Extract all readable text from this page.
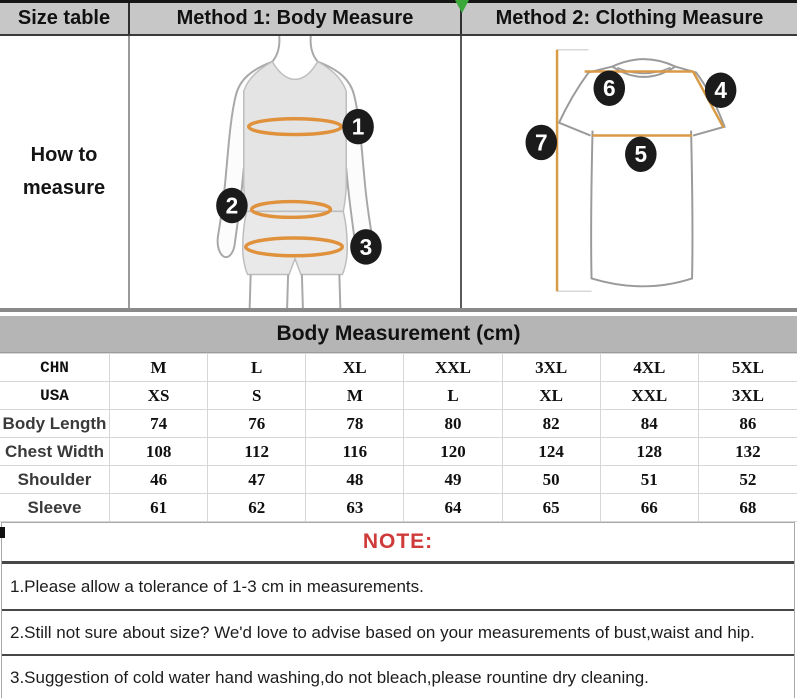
Size table	Method 1: Body Measure	Method 2: Clothing Measure
How to
measure
1
2
3
6	4
7	5
Body Measurement (cm)
CHN	M	L	XL	XXL	3XL	4XL	5XL
USA	XS	S	M	L	XL	XXL	3XL
Body Length	74	76	78	80	82	84	86
Chest Width	108	112	116	120	124	128	132
Shoulder	46	47	48	49	50	51	52
Sleeve	61	62	63	64	65	66	68
NOTE:
1.Please allow a tolerance of 1-3 cm in measurements.
2.Still not sure about size? We'd love to advise based on your measurements of bust,waist and hip.
3.Suggestion of cold water hand washing,do not bleach,please rountine dry cleaning.
